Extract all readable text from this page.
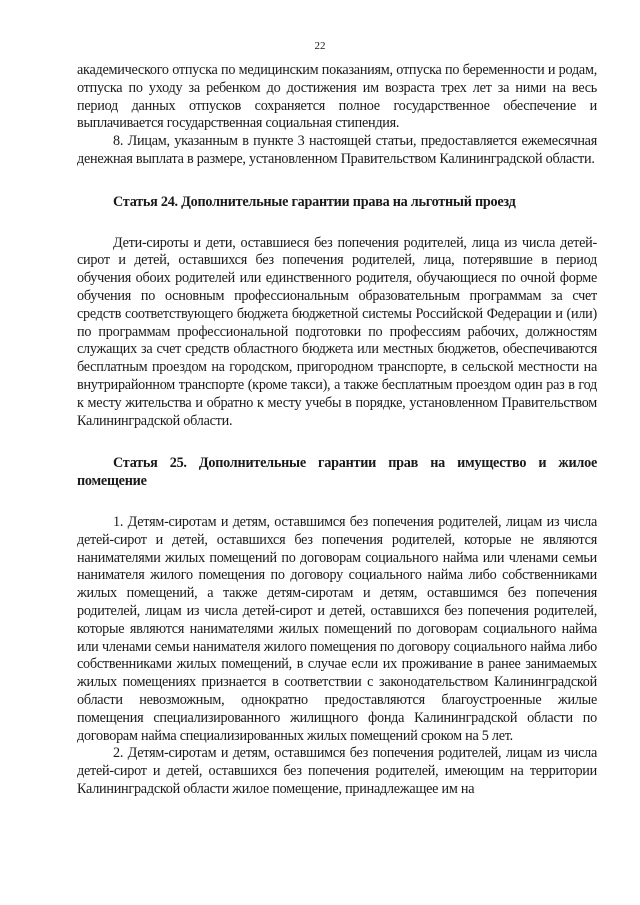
22

академического отпуска по медицинским показаниям, отпуска по беременности и родам, отпуска по уходу за ребенком до достижения им возраста трех лет за ними на весь период данных отпусков сохраняется полное государственное обеспечение и выплачивается государственная социальная стипендия.

8. Лицам, указанным в пункте 3 настоящей статьи, предоставляется ежемесячная денежная выплата в размере, установленном Правительством Калининградской области.

Статья 24. Дополнительные гарантии права на льготный проезд

Дети-сироты и дети, оставшиеся без попечения родителей, лица из числа детей-сирот и детей, оставшихся без попечения родителей, лица, потерявшие в период обучения обоих родителей или единственного родителя, обучающиеся по очной форме обучения по основным профессиональным образовательным программам за счет средств соответствующего бюджета бюджетной системы Российской Федерации и (или) по программам профессиональной подготовки по профессиям рабочих, должностям служащих за счет средств областного бюджета или местных бюджетов, обеспечиваются бесплатным проездом на городском, пригородном транспорте, в сельской местности на внутрирайонном транспорте (кроме такси), а также бесплатным проездом один раз в год к месту жительства и обратно к месту учебы в порядке, установленном Правительством Калининградской области.

Статья 25. Дополнительные гарантии прав на имущество и жилое помещение

1. Детям-сиротам и детям, оставшимся без попечения родителей, лицам из числа детей-сирот и детей, оставшихся без попечения родителей, которые не являются нанимателями жилых помещений по договорам социального найма или членами семьи нанимателя жилого помещения по договору социального найма либо собственниками жилых помещений, а также детям-сиротам и детям, оставшимся без попечения родителей, лицам из числа детей-сирот и детей, оставшихся без попечения родителей, которые являются нанимателями жилых помещений по договорам социального найма или членами семьи нанимателя жилого помещения по договору социального найма либо собственниками жилых помещений, в случае если их проживание в ранее занимаемых жилых помещениях признается в соответствии с законодательством Калининградской области невозможным, однократно предоставляются благоустроенные жилые помещения специализированного жилищного фонда Калининградской области по договорам найма специализированных жилых помещений сроком на 5 лет.

2. Детям-сиротам и детям, оставшимся без попечения родителей, лицам из числа детей-сирот и детей, оставшихся без попечения родителей, имеющим на территории Калининградской области жилое помещение, принадлежащее им на
